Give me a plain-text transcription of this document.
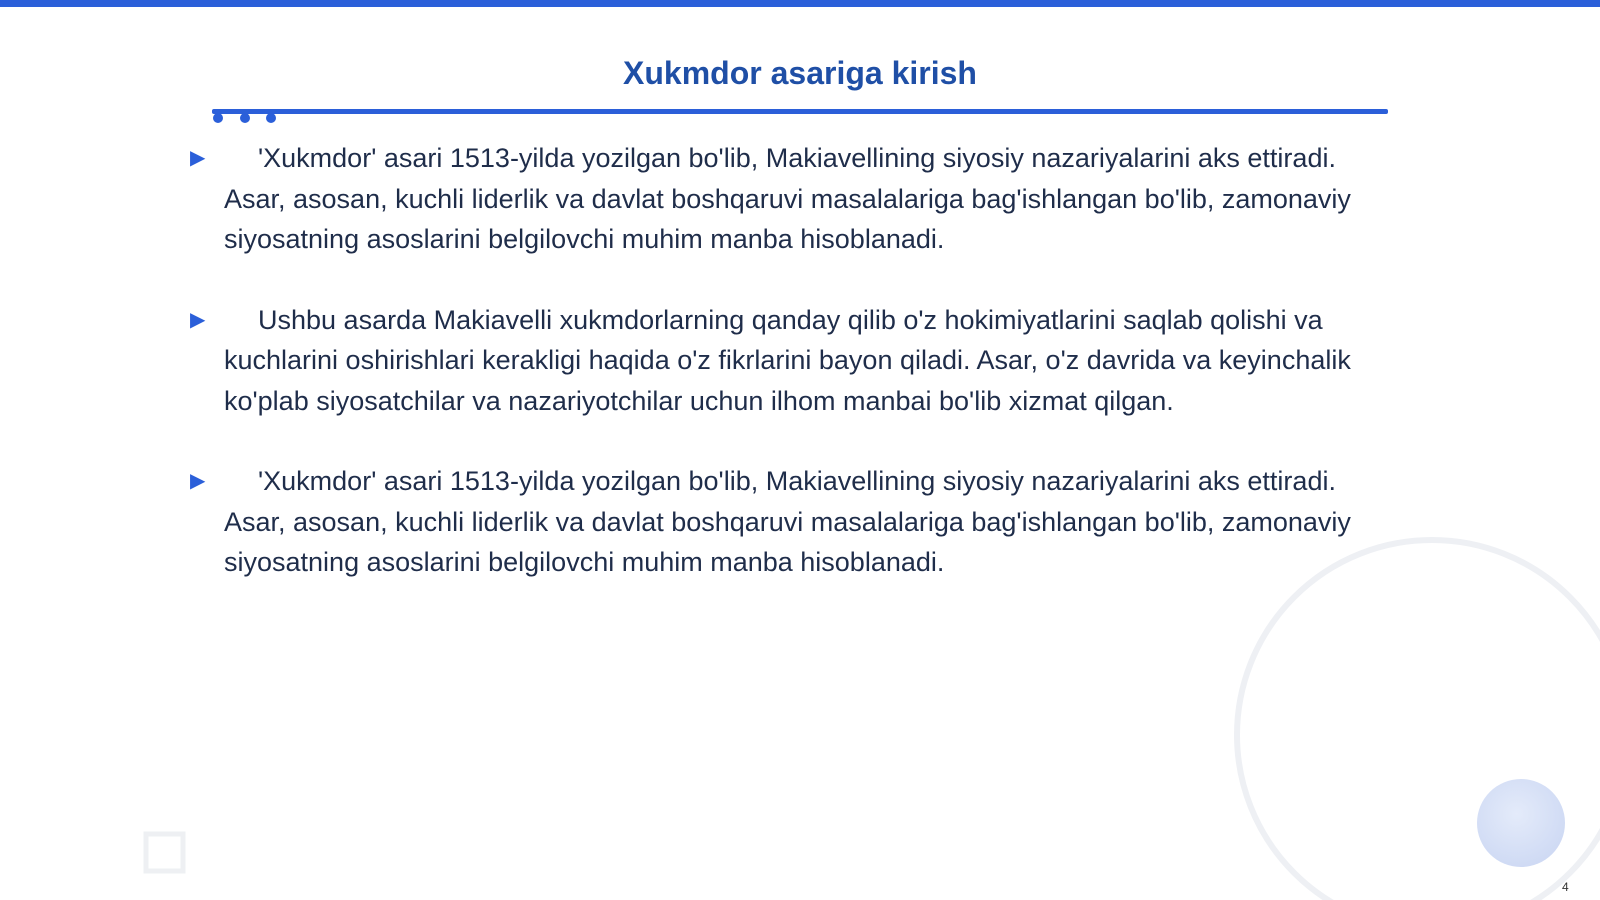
Xukmdor asariga kirish
▶	'Xukmdor' asari 1513-yilda yozilgan bo'lib, Makiavellining siyosiy nazariyalarini aks ettiradi. Asar, asosan, kuchli liderlik va davlat boshqaruvi masalalariga bag'ishlangan bo'lib, zamonaviy siyosatning asoslarini belgilovchi muhim manba hisoblanadi.
▶	Ushbu asarda Makiavelli xukmdorlarning qanday qilib o'z hokimiyatlarini saqlab qolishi va kuchlarini oshirishlari kerakligi haqida o'z fikrlarini bayon qiladi. Asar, o'z davrida va keyinchalik ko'plab siyosatchilar va nazariyotchilar uchun ilhom manbai bo'lib xizmat qilgan.
▶	'Xukmdor' asari 1513-yilda yozilgan bo'lib, Makiavellining siyosiy nazariyalarini aks ettiradi. Asar, asosan, kuchli liderlik va davlat boshqaruvi masalalariga bag'ishlangan bo'lib, zamonaviy siyosatning asoslarini belgilovchi muhim manba hisoblanadi.
4
